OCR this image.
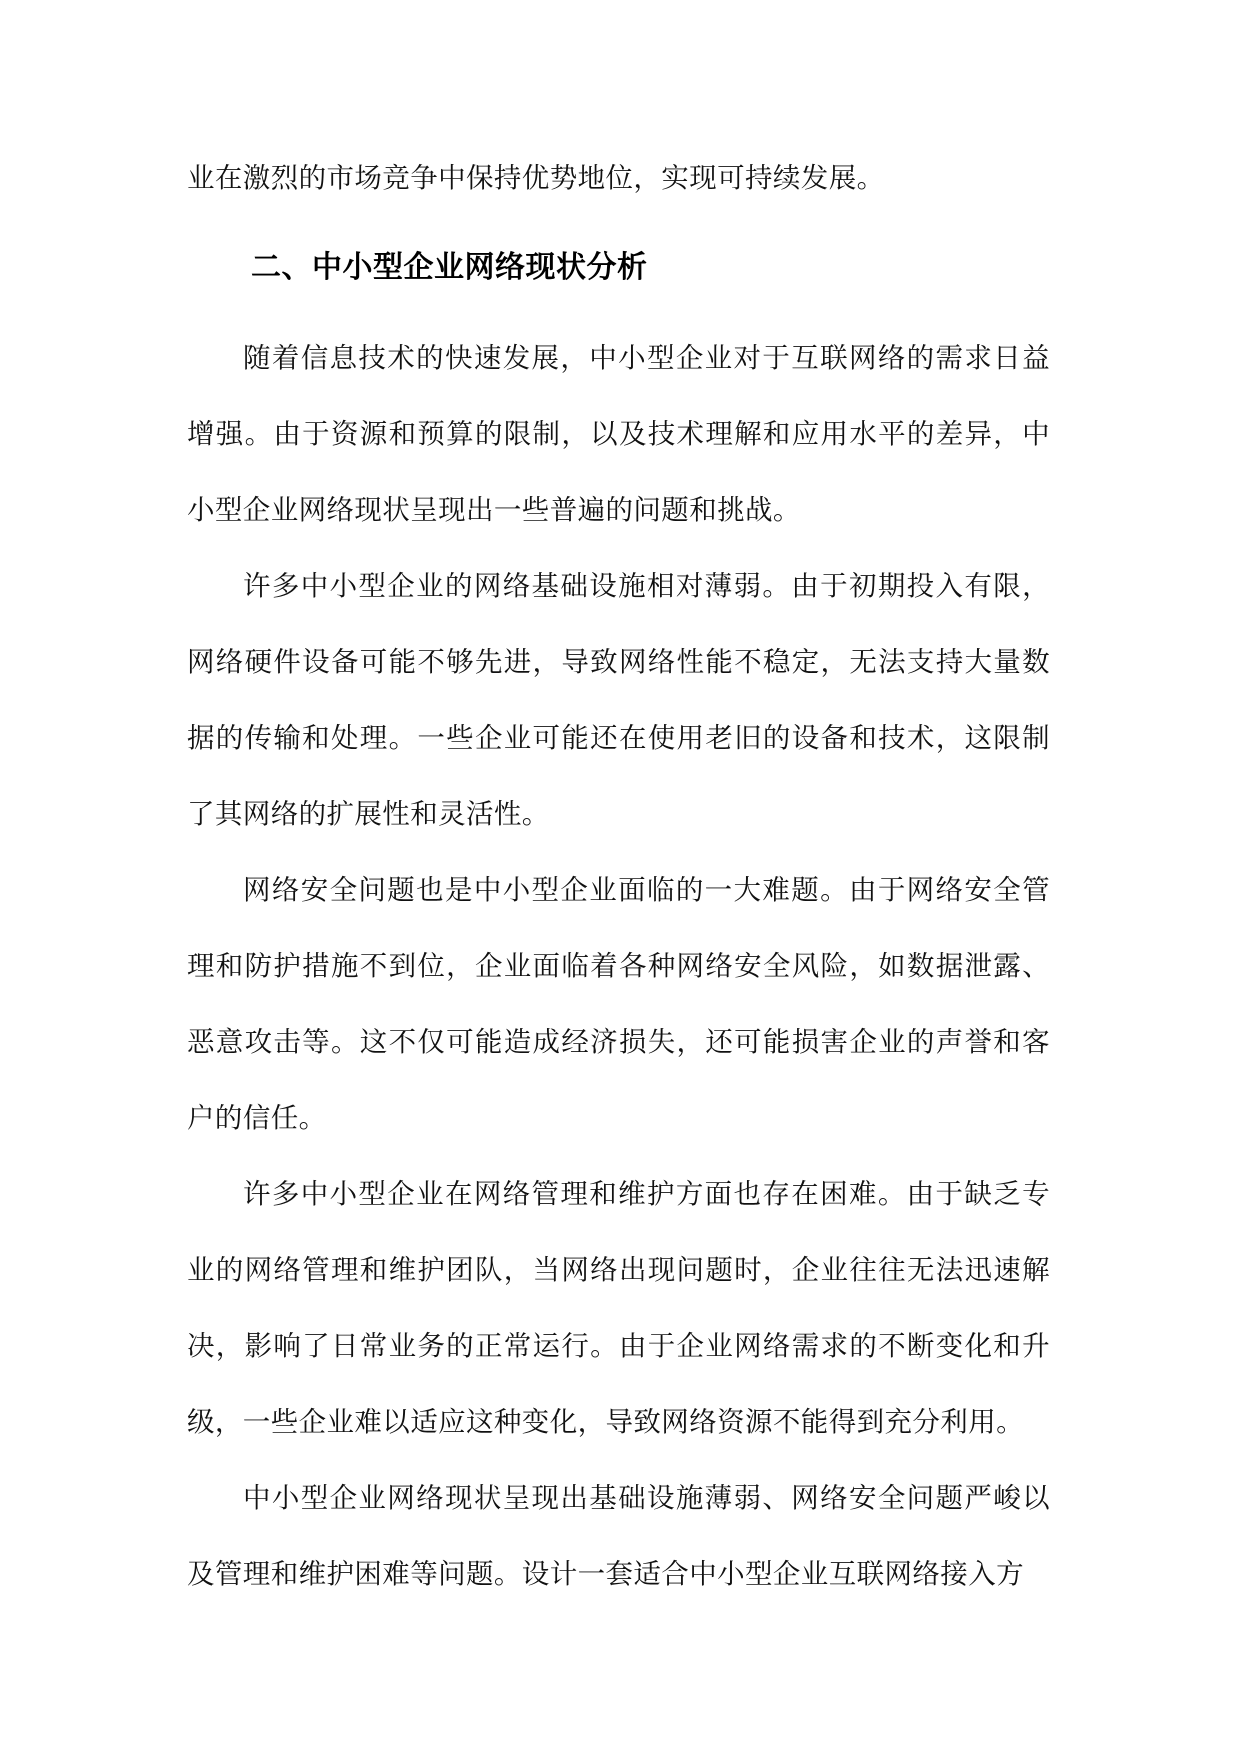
业在激烈的市场竞争中保持优势地位，实现可持续发展。

二、中小型企业网络现状分析

随着信息技术的快速发展，中小型企业对于互联网络的需求日益增强。由于资源和预算的限制，以及技术理解和应用水平的差异，中小型企业网络现状呈现出一些普遍的问题和挑战。

许多中小型企业的网络基础设施相对薄弱。由于初期投入有限，网络硬件设备可能不够先进，导致网络性能不稳定，无法支持大量数据的传输和处理。一些企业可能还在使用老旧的设备和技术，这限制了其网络的扩展性和灵活性。

网络安全问题也是中小型企业面临的一大难题。由于网络安全管理和防护措施不到位，企业面临着各种网络安全风险，如数据泄露、恶意攻击等。这不仅可能造成经济损失，还可能损害企业的声誉和客户的信任。

许多中小型企业在网络管理和维护方面也存在困难。由于缺乏专业的网络管理和维护团队，当网络出现问题时，企业往往无法迅速解决，影响了日常业务的正常运行。由于企业网络需求的不断变化和升级，一些企业难以适应这种变化，导致网络资源不能得到充分利用。

中小型企业网络现状呈现出基础设施薄弱、网络安全问题严峻以及管理和维护困难等问题。设计一套适合中小型企业互联网络接入方
